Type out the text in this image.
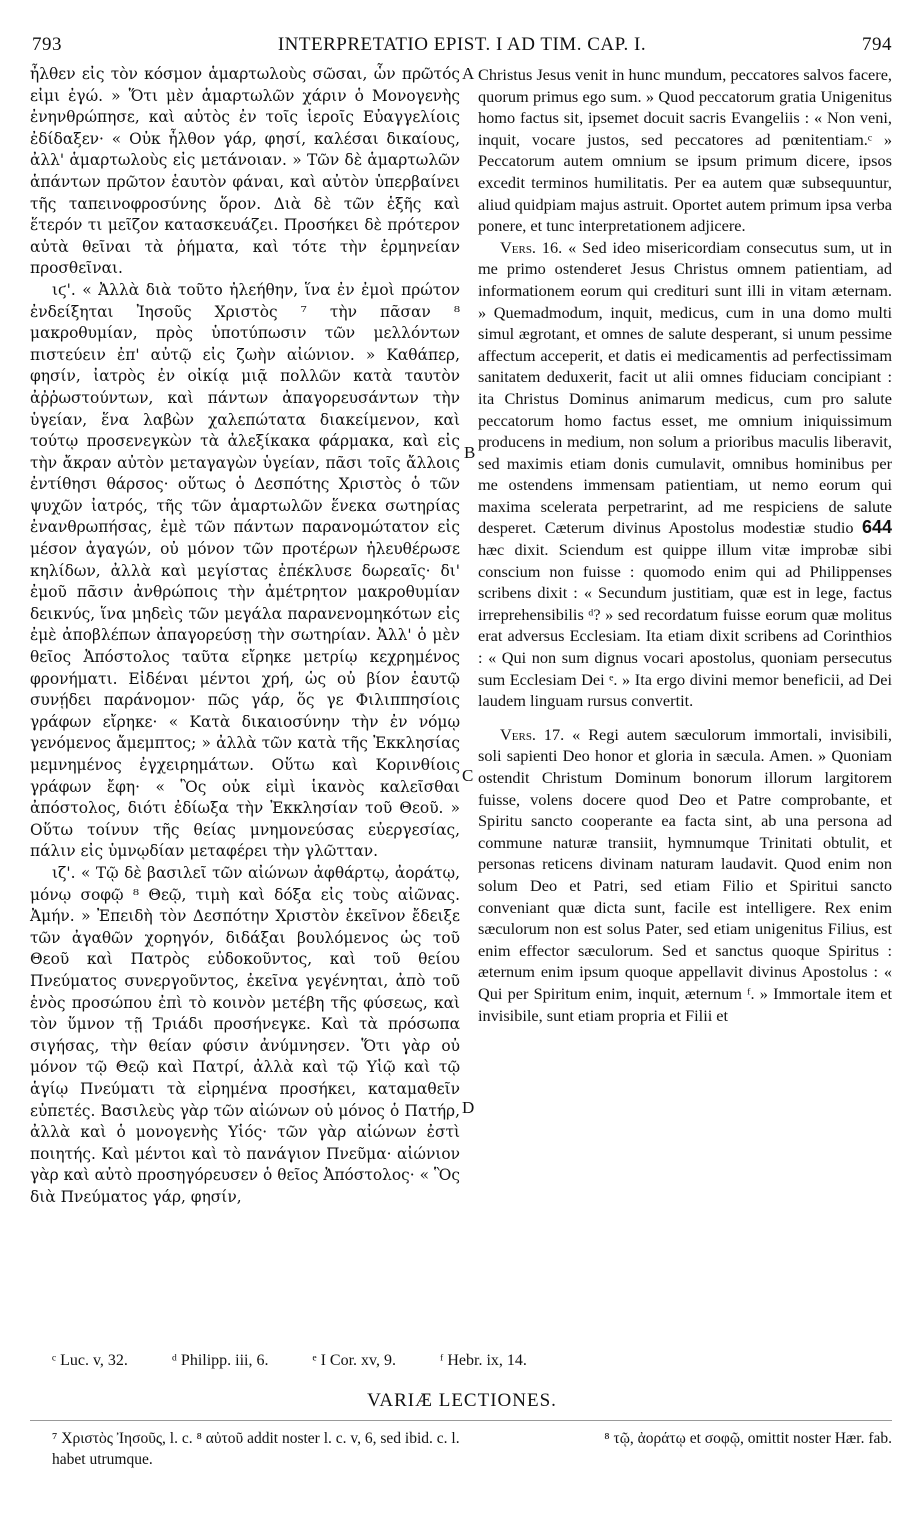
793	INTERPRETATIO EPIST. I AD TIM. CAP. I.	794
A
B
C
D

ἦλθεν εἰς τὸν κόσμον ἁμαρτωλοὺς σῶσαι, ὧν πρῶτός εἰμι ἐγώ. » Ὅτι μὲν ἁμαρτωλῶν χάριν ὁ Μονογενὴς ἐνηνθρώπησε, καὶ αὐτὸς ἐν τοῖς ἱεροῖς Εὐαγγελίοις ἐδίδαξεν· « Οὐκ ἦλθον γάρ, φησί, καλέσαι δικαίους, ἀλλ' ἁμαρτωλοὺς εἰς μετάνοιαν. » Τῶν δὲ ἁμαρτωλῶν ἁπάντων πρῶτον ἑαυτὸν φάναι, καὶ αὐτὸν ὑπερβαίνει τῆς ταπεινοφροσύνης ὅρον. Διὰ δὲ τῶν ἑξῆς καὶ ἕτερόν τι μεῖζον κατασκευάζει. Προσήκει δὲ πρότερον αὐτὰ θεῖναι τὰ ῥήματα, καὶ τότε τὴν ἑρμηνείαν προσθεῖναι.

ιϛ'. « Ἀλλὰ διὰ τοῦτο ἠλεήθην, ἵνα ἐν ἐμοὶ πρώτον ἐνδείξηται Ἰησοῦς Χριστὸς ⁷ τὴν πᾶσαν ⁸ μακροθυμίαν, πρὸς ὑποτύπωσιν τῶν μελλόντων πιστεύειν ἐπ' αὐτῷ εἰς ζωὴν αἰώνιον. » Καθάπερ, φησίν, ἰατρὸς ἐν οἰκίᾳ μιᾷ πολλῶν κατὰ ταυτὸν ἀῤῥωστούντων, καὶ πάντων ἀπαγορευσάντων τὴν ὑγείαν, ἕνα λαβὼν χαλεπώτατα διακείμενον, καὶ τούτῳ προσενεγκὼν τὰ ἀλεξίκακα φάρμακα, καὶ εἰς τὴν ἄκραν αὐτὸν μεταγαγὼν ὑγείαν, πᾶσι τοῖς ἄλλοις ἐντίθησι θάρσος· οὕτως ὁ Δεσπότης Χριστὸς ὁ τῶν ψυχῶν ἰατρός, τῆς τῶν ἁμαρτωλῶν ἕνεκα σωτηρίας ἐνανθρωπήσας, ἐμὲ τῶν πάντων παρανομώτατον εἰς μέσον ἀγαγών, οὐ μόνον τῶν προτέρων ἠλευθέρωσε κηλίδων, ἀλλὰ καὶ μεγίστας ἐπέκλυσε δωρεαῖς· δι' ἐμοῦ πᾶσιν ἀνθρώποις τὴν ἀμέτρητον μακροθυμίαν δεικνύς, ἵνα μηδεὶς τῶν μεγάλα παρανενομηκότων εἰς ἐμὲ ἀποβλέπων ἀπαγορεύσῃ τὴν σωτηρίαν. Ἀλλ' ὁ μὲν θεῖος Ἀπόστολος ταῦτα εἴρηκε μετρίῳ κεχρημένος φρονήματι. Εἰδέναι μέντοι χρή, ὡς οὐ βίον ἑαυτῷ συνῄδει παράνομον· πῶς γάρ, ὅς γε Φιλιππησίοις γράφων εἴρηκε· « Κατὰ δικαιοσύνην τὴν ἐν νόμῳ γενόμενος ἄμεμπτος; » ἀλλὰ τῶν κατὰ τῆς Ἐκκλησίας μεμνημένος ἐγχειρημάτων. Οὕτω καὶ Κορινθίοις γράφων ἔφη· « Ὃς οὐκ εἰμὶ ἱκανὸς καλεῖσθαι ἀπόστολος, διότι ἐδίωξα τὴν Ἐκκλησίαν τοῦ Θεοῦ. » Οὕτω τοίνυν τῆς θείας μνημονεύσας εὐεργεσίας, πάλιν εἰς ὑμνῳδίαν μεταφέρει τὴν γλῶτταν.

ιζ'. « Τῷ δὲ βασιλεῖ τῶν αἰώνων ἀφθάρτῳ, ἀοράτῳ, μόνῳ σοφῷ ⁸ Θεῷ, τιμὴ καὶ δόξα εἰς τοὺς αἰῶνας. Ἀμήν. » Ἐπειδὴ τὸν Δεσπότην Χριστὸν ἐκεῖνον ἔδειξε τῶν ἀγαθῶν χορηγόν, διδάξαι βουλόμενος ὡς τοῦ Θεοῦ καὶ Πατρὸς εὐδοκοῦντος, καὶ τοῦ θείου Πνεύματος συνεργοῦντος, ἐκεῖνα γεγένηται, ἀπὸ τοῦ ἑνὸς προσώπου ἐπὶ τὸ κοινὸν μετέβη τῆς φύσεως, καὶ τὸν ὕμνον τῇ Τριάδι προσήνεγκε. Καὶ τὰ πρόσωπα σιγήσας, τὴν θείαν φύσιν ἀνύμνησεν. Ὅτι γὰρ οὐ μόνον τῷ Θεῷ καὶ Πατρί, ἀλλὰ καὶ τῷ Υἱῷ καὶ τῷ ἁγίῳ Πνεύματι τὰ εἰρημένα προσήκει, καταμαθεῖν εὐπετές. Βασιλεὺς γὰρ τῶν αἰώνων οὐ μόνος ὁ Πατήρ, ἀλλὰ καὶ ὁ μονογενὴς Υἱός· τῶν γὰρ αἰώνων ἐστὶ ποιητής. Καὶ μέντοι καὶ τὸ πανάγιον Πνεῦμα· αἰώνιον γὰρ καὶ αὐτὸ προσηγόρευσεν ὁ θεῖος Ἀπόστολος· « Ὃς διὰ Πνεύματος γάρ, φησίν,

Christus Jesus venit in hunc mundum, peccatores salvos facere, quorum primus ego sum. » Quod peccatorum gratia Unigenitus homo factus sit, ipsemet docuit sacris Evangeliis : « Non veni, inquit, vocare justos, sed peccatores ad pœnitentiam.ᶜ » Peccatorum autem omnium se ipsum primum dicere, ipsos excedit terminos humilitatis. Per ea autem quæ subsequuntur, aliud quidpiam majus astruit. Oportet autem primum ipsa verba ponere, et tunc interpretationem adjicere.

Vers. 16. « Sed ideo misericordiam consecutus sum, ut in me primo ostenderet Jesus Christus omnem patientiam, ad informationem eorum qui credituri sunt illi in vitam æternam. » Quemadmodum, inquit, medicus, cum in una domo multi simul ægrotant, et omnes de salute desperant, si unum pessime affectum acceperit, et datis ei medicamentis ad perfectissimam sanitatem deduxerit, facit ut alii omnes fiduciam concipiant : ita Christus Dominus animarum medicus, cum pro salute peccatorum homo factus esset, me omnium iniquissimum producens in medium, non solum a prioribus maculis liberavit, sed maximis etiam donis cumulavit, omnibus hominibus per me ostendens immensam patientiam, ut nemo eorum qui maxima scelerata perpetrarint, ad me respiciens de salute desperet. Cæterum divinus Apostolus modestiæ studio 644 hæc dixit. Sciendum est quippe illum vitæ improbæ sibi conscium non fuisse : quomodo enim qui ad Philippenses scribens dixit : « Secundum justitiam, quæ est in lege, factus irreprehensibilis ᵈ? » sed recordatum fuisse eorum quæ molitus erat adversus Ecclesiam. Ita etiam dixit scribens ad Corinthios : « Qui non sum dignus vocari apostolus, quoniam persecutus sum Ecclesiam Dei ᵉ. » Ita ergo divini memor beneficii, ad Dei laudem linguam rursus convertit.

Vers. 17. « Regi autem sæculorum immortali, invisibili, soli sapienti Deo honor et gloria in sæcula. Amen. » Quoniam ostendit Christum Dominum bonorum illorum largitorem fuisse, volens docere quod Deo et Patre comprobante, et Spiritu sancto cooperante ea facta sint, ab una persona ad commune naturæ transiit, hymnumque Trinitati obtulit, et personas reticens divinam naturam laudavit. Quod enim non solum Deo et Patri, sed etiam Filio et Spiritui sancto conveniant quæ dicta sunt, facile est intelligere. Rex enim sæculorum non est solus Pater, sed etiam unigenitus Filius, est enim effector sæculorum. Sed et sanctus quoque Spiritus : æternum enim ipsum quoque appellavit divinus Apostolus : « Qui per Spiritum enim, inquit, æternum ᶠ. » Immortale item et invisibile, sunt etiam propria et Filii et

ᶜ Luc. v, 32.	ᵈ Philipp. iii, 6.	ᵉ I Cor. xv, 9.	ᶠ Hebr. ix, 14.
VARIÆ LECTIONES.
⁷ Χριστὸς Ἰησοῦς, l. c. ⁸ αὐτοῦ addit noster l. c. v, 6, sed ibid. c. l. habet utrumque.
⁸ τῷ, ἀοράτῳ et σοφῷ, omittit noster Hær. fab.
